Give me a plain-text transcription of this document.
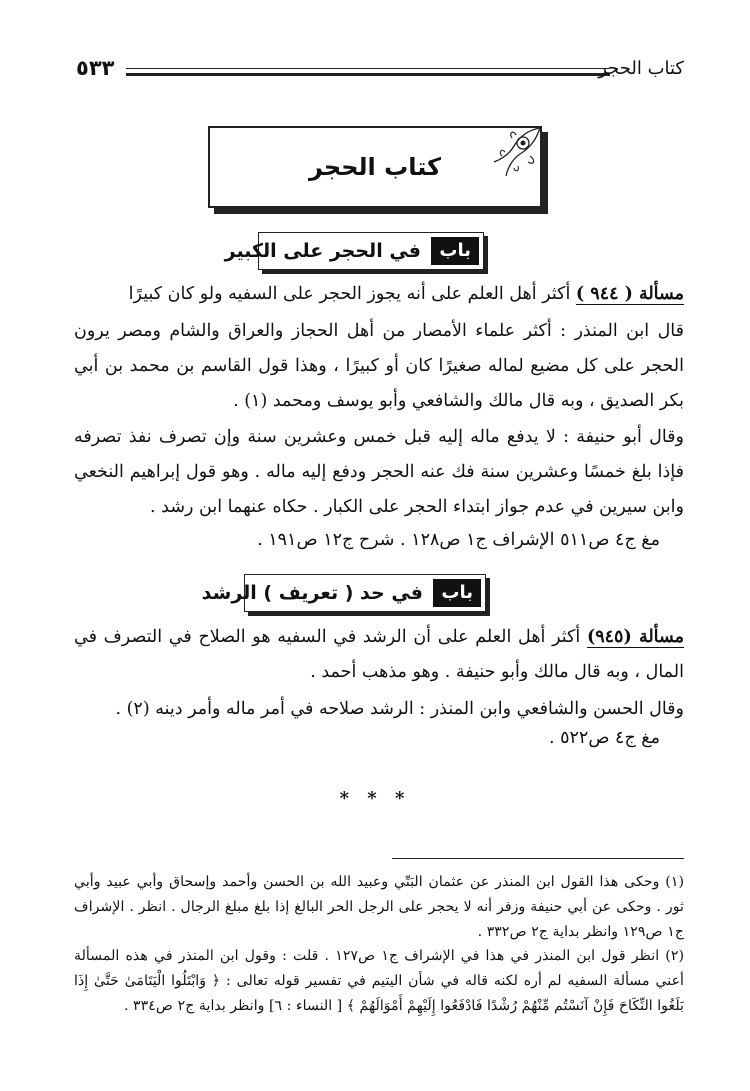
٥٣٣	كتاب الحجر
كتاب الحجر
باب
في الحجر على الكبير
مسألة ( ٩٤٤ ) أكثر أهل العلم على أنه يجوز الحجر على السفيه ولو كان كبيرًا
قال ابن المنذر : أكثر علماء الأمصار من أهل الحجاز والعراق والشام ومصر يرون الحجر على كل مضيع لماله صغيرًا كان أو كبيرًا ، وهذا قول القاسم بن محمد بن أبي بكر الصديق ، وبه قال مالك والشافعي وأبو يوسف ومحمد (١) .
وقال أبو حنيفة : لا يدفع ماله إليه قبل خمس وعشرين سنة وإن تصرف نفذ تصرفه فإذا بلغ خمسًا وعشرين سنة فك عنه الحجر ودفع إليه ماله . وهو قول إبراهيم النخعي وابن سيرين في عدم جواز ابتداء الحجر على الكبار . حكاه عنهما ابن رشد .
مغ ج٤ ص٥١١ الإشراف ج١ ص١٢٨ . شرح ج١٢ ص١٩١ .
باب
في حد ( تعريف ) الرشد
مسألة (٩٤٥) أكثر أهل العلم على أن الرشد في السفيه هو الصلاح في التصرف في المال ، وبه قال مالك وأبو حنيفة . وهو مذهب أحمد .
وقال الحسن والشافعي وابن المنذر : الرشد صلاحه في أمر ماله وأمر دينه (٢) .
مغ ج٤ ص٥٢٢ .
* * *
(١) وحكى هذا القول ابن المنذر عن عثمان البَتّي وعبيد الله بن الحسن وأحمد وإسحاق وأبي عبيد وأبي ثور . وحكى عن أبي حنيفة وزفر أنه لا يحجر على الرجل الحر البالغ إذا بلغ مبلغ الرجال . انظر . الإشراف ج١ ص١٢٩ وانظر بداية ج٢ ص٣٣٢ .
(٢) انظر قول ابن المنذر في هذا في الإشراف ج١ ص١٢٧ . قلت : وقول ابن المنذر في هذه المسألة أعني مسألة السفيه لم أره لكنه قاله في شأن اليتيم في تفسير قوله تعالى : ﴿ وَابْتَلُوا الْيَتَامَىٰ حَتَّىٰ إِذَا بَلَغُوا النِّكَاحَ فَإِنْ آنَسْتُم مِّنْهُمْ رُشْدًا فَادْفَعُوا إِلَيْهِمْ أَمْوَالَهُمْ ﴾ [ النساء : ٦] وانظر بداية ج٢ ص٣٣٤ .
